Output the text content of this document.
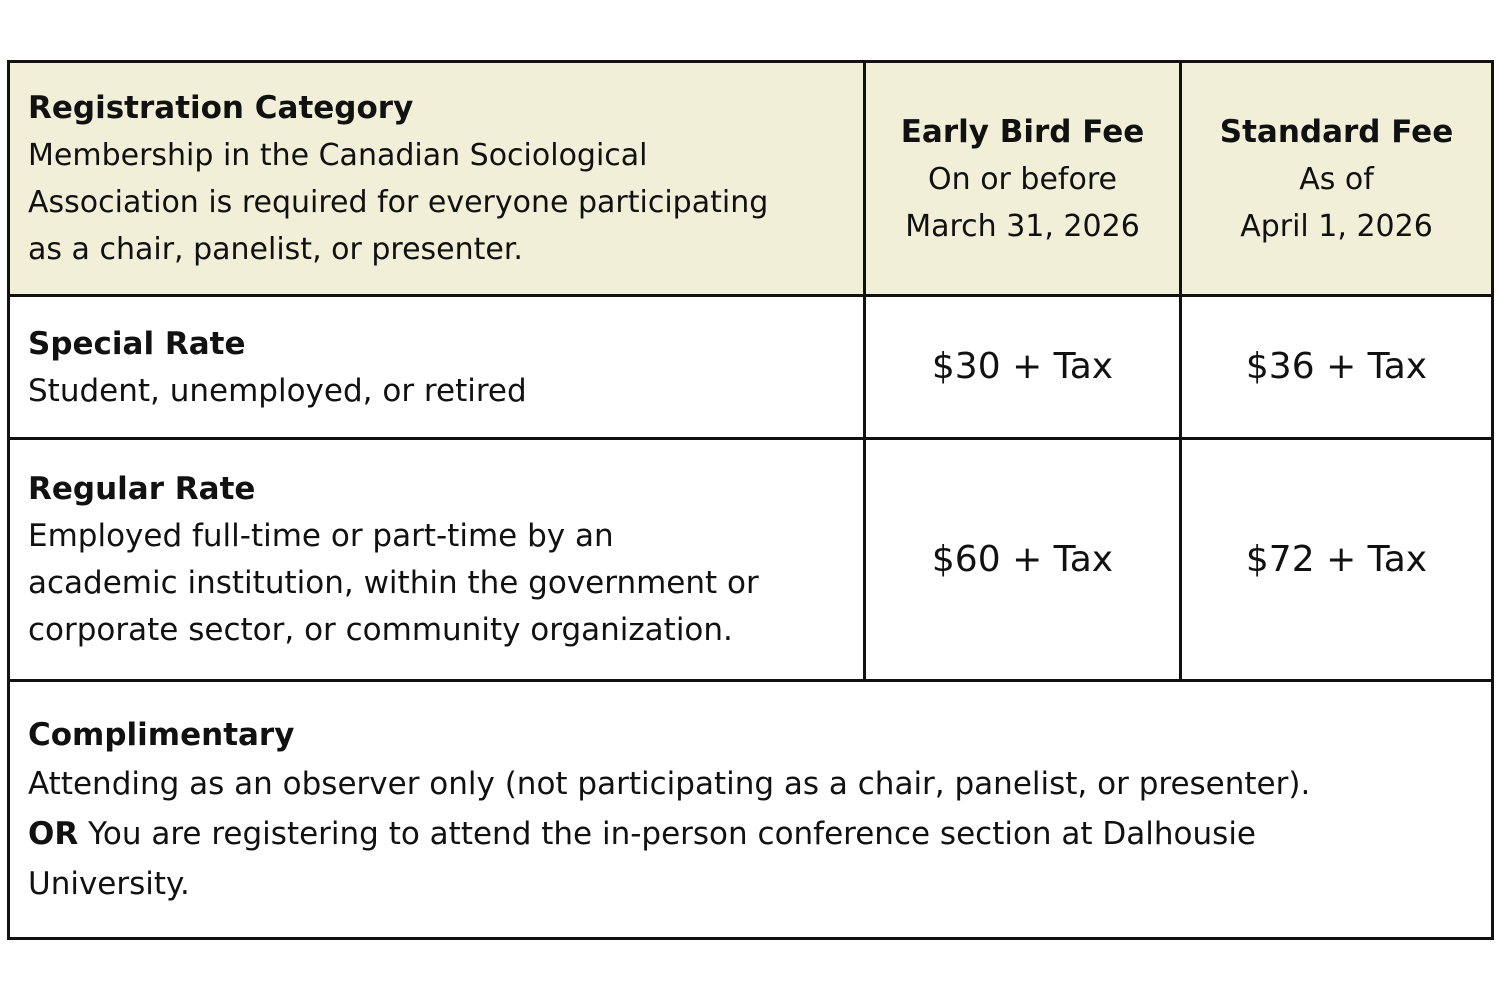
Registration Category

Membership in the Canadian Sociological
Association is required for everyone participating
as a chair, panelist, or presenter.

Early Bird Fee
On or before
March 31, 2026
Standard Fee
As of
April 1, 2026
Special Rate

Student, unemployed, or retired

$30 + Tax	$36 + Tax
Regular Rate

Employed full-time or part-time by an
academic institution, within the government or
corporate sector, or community organization.

$60 + Tax	$72 + Tax
Complimentary

Attending as an observer only (not participating as a chair, panelist, or presenter).
OR You are registering to attend the in-person conference section at Dalhousie
University.
